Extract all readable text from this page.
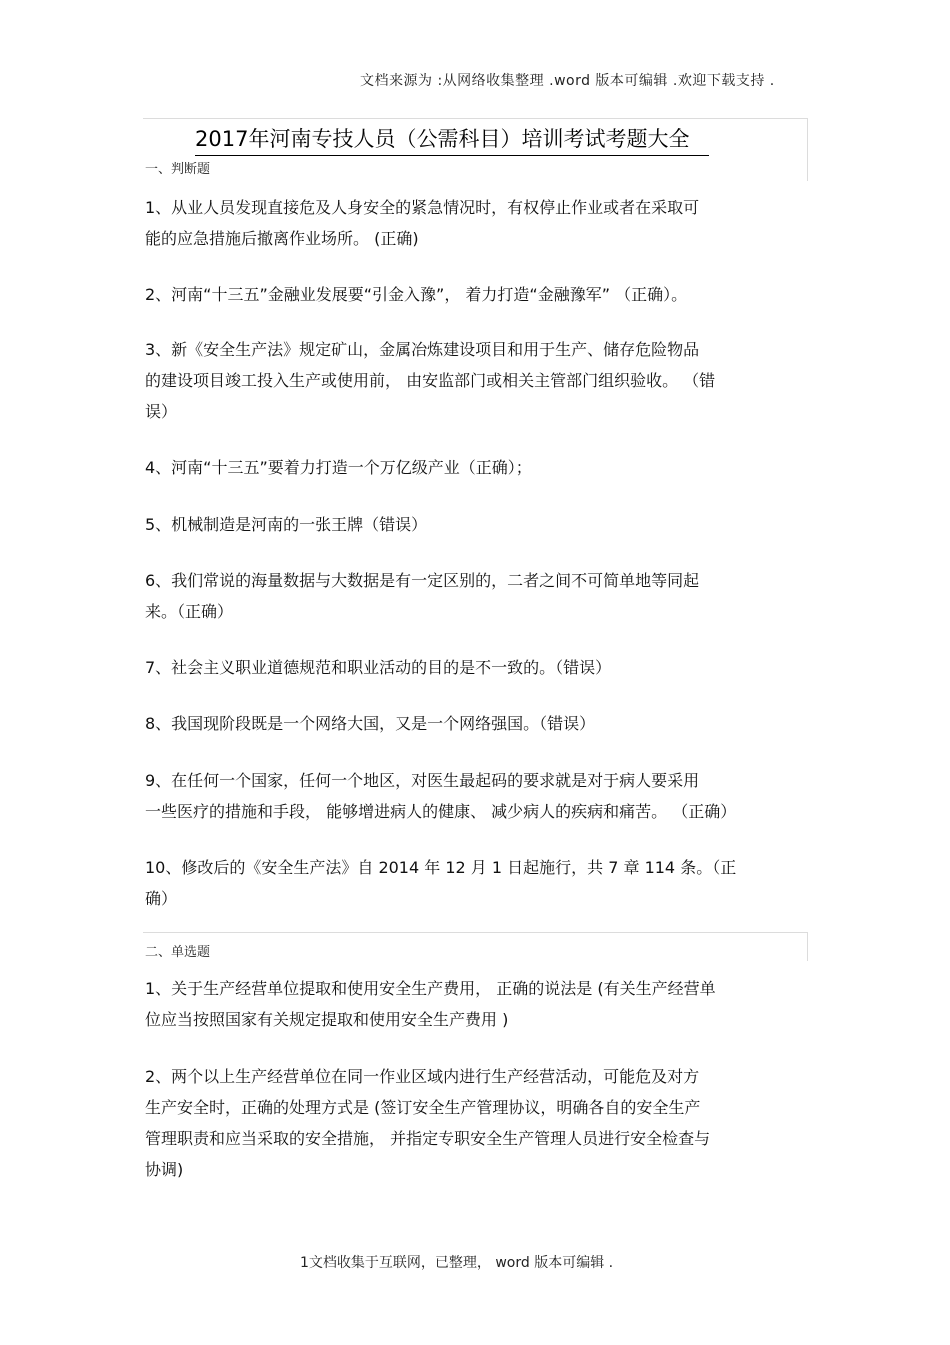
文档来源为 :从网络收集整理 .word 版本可编辑 .欢迎下载支持 .
2017年河南专技人员（公需科目）培训考试考题大全
一、判断题
1、从业人员发现直接危及人身安全的紧急情况时，有权停止作业或者在采取可
能的应急措施后撤离作业场所。 (正确)
2、河南“十三五”金融业发展要“引金入豫”， 着力打造“金融豫军” （正确）。
3、新《安全生产法》规定矿山，金属冶炼建设项目和用于生产、储存危险物品
的建设项目竣工投入生产或使用前， 由安监部门或相关主管部门组织验收。 （错
误）
4、河南“十三五”要着力打造一个万亿级产业（正确）；
5、机械制造是河南的一张王牌（错误）
6、我们常说的海量数据与大数据是有一定区别的，二者之间不可简单地等同起
来。（正确）
7、社会主义职业道德规范和职业活动的目的是不一致的。（错误）
8、我国现阶段既是一个网络大国，又是一个网络强国。（错误）
9、在任何一个国家，任何一个地区，对医生最起码的要求就是对于病人要采用
一些医疗的措施和手段， 能够增进病人的健康、 减少病人的疾病和痛苦。 （正确）
10、修改后的《安全生产法》自 2014 年 12 月 1 日起施行，共 7 章 114 条。（正
确）
二、单选题
1、关于生产经营单位提取和使用安全生产费用， 正确的说法是 (有关生产经营单
位应当按照国家有关规定提取和使用安全生产费用 )
2、两个以上生产经营单位在同一作业区域内进行生产经营活动，可能危及对方
生产安全时，正确的处理方式是 (签订安全生产管理协议，明确各自的安全生产
管理职责和应当采取的安全措施， 并指定专职安全生产管理人员进行安全检查与
协调)
1文档收集于互联网，已整理， word 版本可编辑 .
